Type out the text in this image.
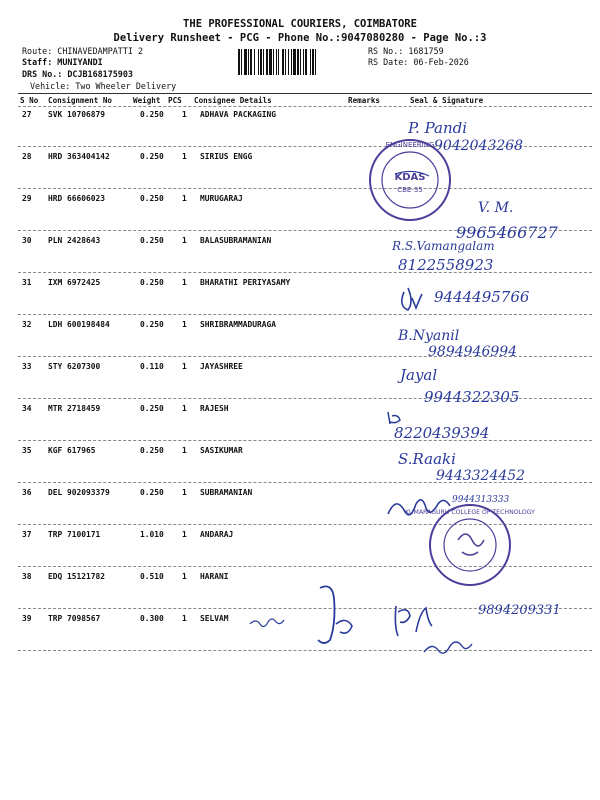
THE PROFESSIONAL COURIERS, COIMBATORE
Delivery Runsheet - PCG - Phone No.:9047080280 - Page No.:3
Route: CHINAVEDAMPATTI 2
Staff: MUNIYANDI
DRS No.: DCJB168175903
Vehicle: Two Wheeler Delivery
RS No.: 1681759
RS Date: 06-Feb-2026
S No Consignment No	Weight PCS Consignee Details	Remarks	Seal & Signature
27 SVK 10706879	0.250 1 ADHAVA PACKAGING
28 HRD 363404142	0.250 1 SIRIUS ENGG
29 HRD 66606023	0.250 1 MURUGARAJ
30 PLN 2428643	0.250 1 BALASUBRAMANIAN
31 IXM 6972425	0.250 1 BHARATHI PERIYASAMY
32 LDH 600198484	0.250 1 SHRIBRAMMADURAGA
33 STY 6207300	0.110 1 JAYASHREE
34 MTR 2718459	0.250 1 RAJESH
35 KGF 617965	0.250 1 SASIKUMAR
36 DEL 902093379	0.250 1 SUBRAMANIAN
37 TRP 7100171	1.010 1 ANDARAJ
38 EDQ 15121782	0.510 1 HARANI
39 TRP 7098567	0.300 1 SELVAM
P. Pandi
9042043268
ENGINEERING
KDAS
CBE-35
V. M.
9965466727
R.S.Vamangalam
8122558923
9444495766
B.Nyanil
9894946994
Jayal
9944322305
8220439394
S.Raaki
9443324452
9944313333
KUMARAGURU COLLEGE OF TECHNOLOGY
9894209331
